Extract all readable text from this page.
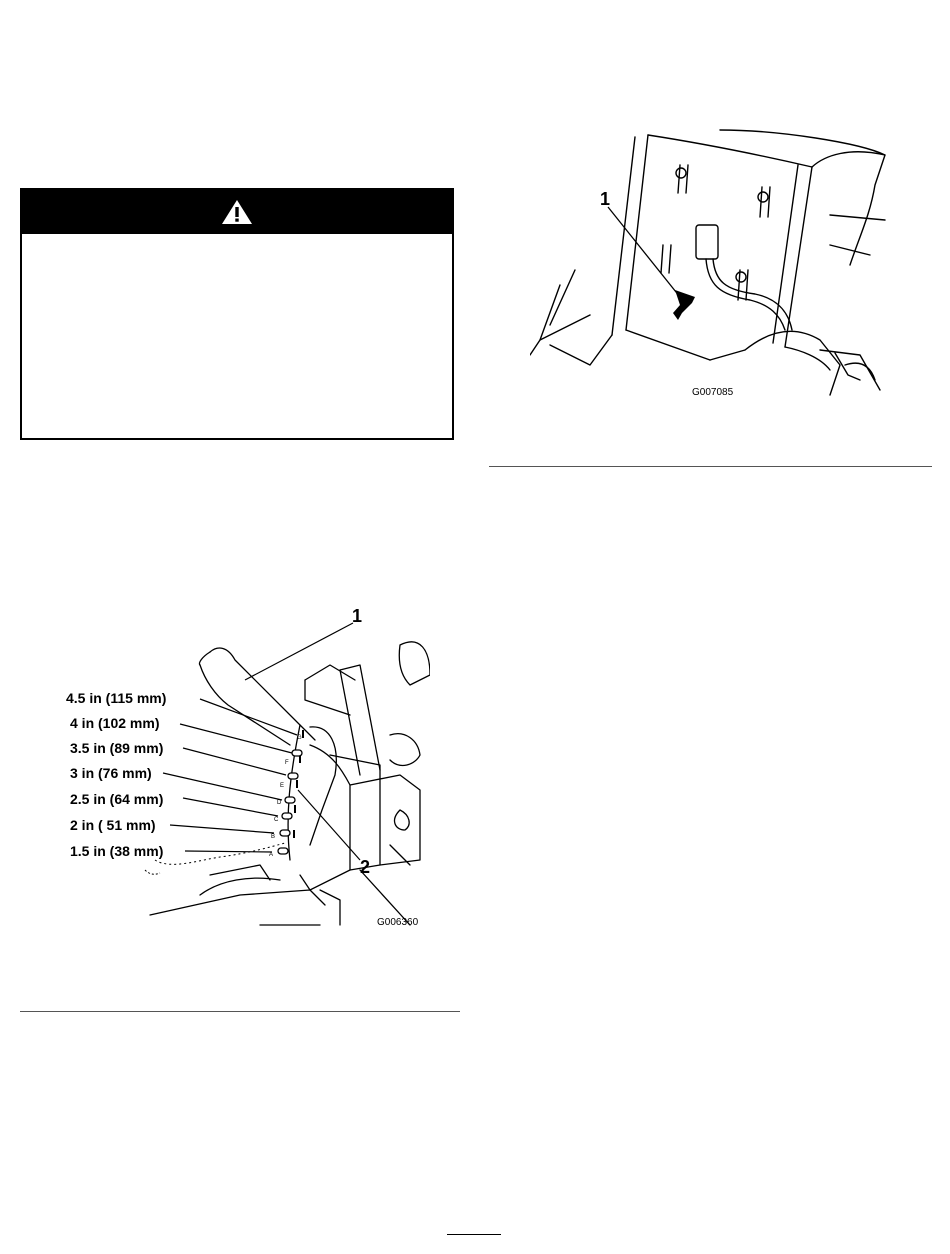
1
G007085
G
F
E
D
C
B
A
4.5 in (115 mm)
4 in (102 mm)
3.5 in (89 mm)
3 in (76 mm)
2.5 in (64 mm)
2 in ( 51 mm)
1.5 in (38 mm)
1
2
G006360
